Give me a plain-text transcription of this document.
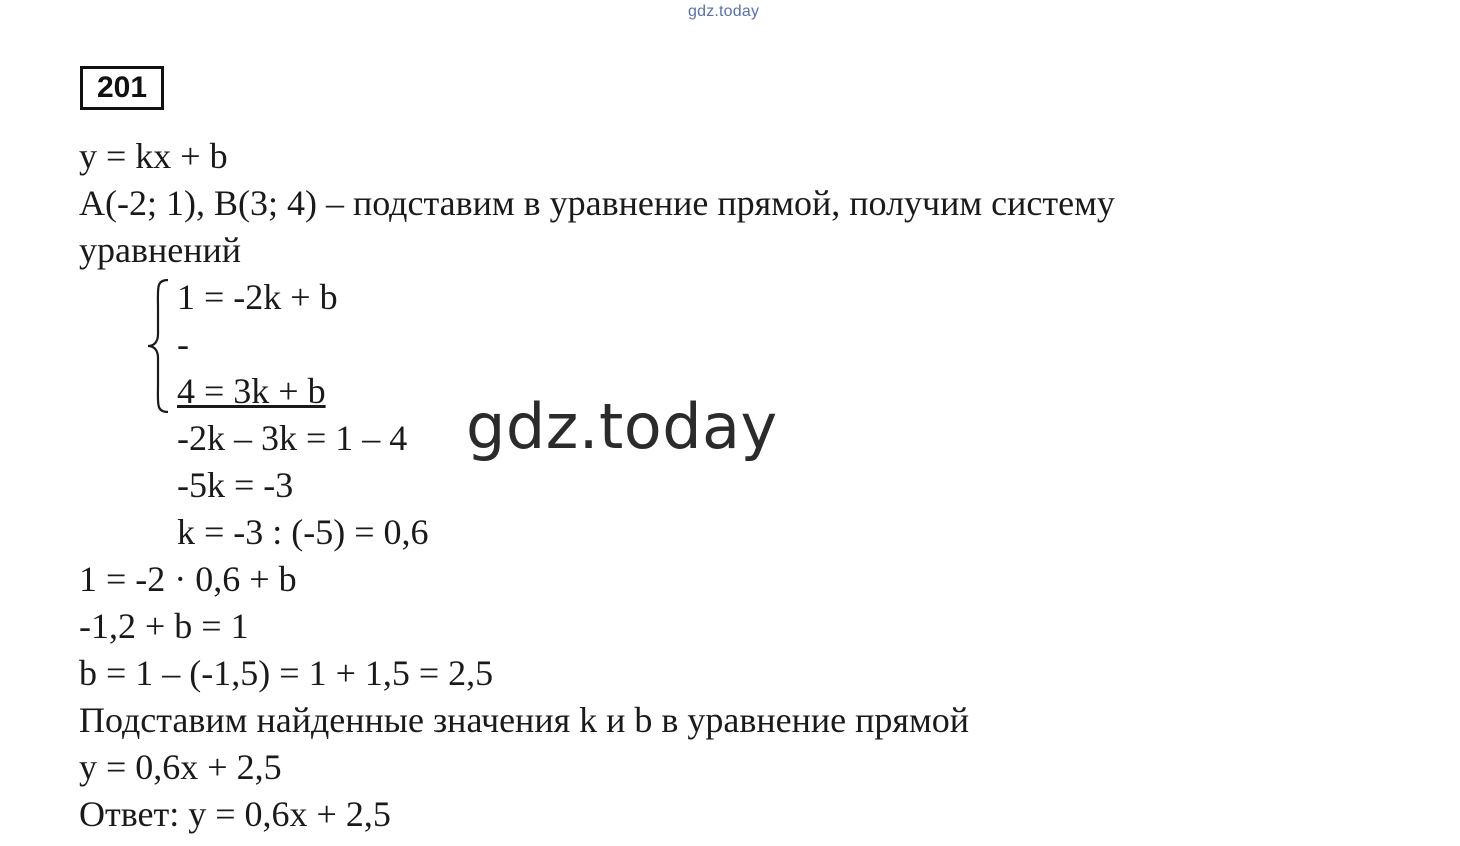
gdz.today
201
y = kx + b
A(-2; 1), B(3; 4) – подставим в уравнение прямой, получим систему
уравнений
1 = -2k + b
-
4 = 3k + b
-2k – 3k = 1 – 4
-5k = -3
k = -3 : (-5) = 0,6
1 = -2 · 0,6 + b
-1,2 + b = 1
b = 1 – (-1,5) = 1 + 1,5 = 2,5
Подставим найденные значения k и b в уравнение прямой
y = 0,6x + 2,5
Ответ: y = 0,6x + 2,5
gdz.today
